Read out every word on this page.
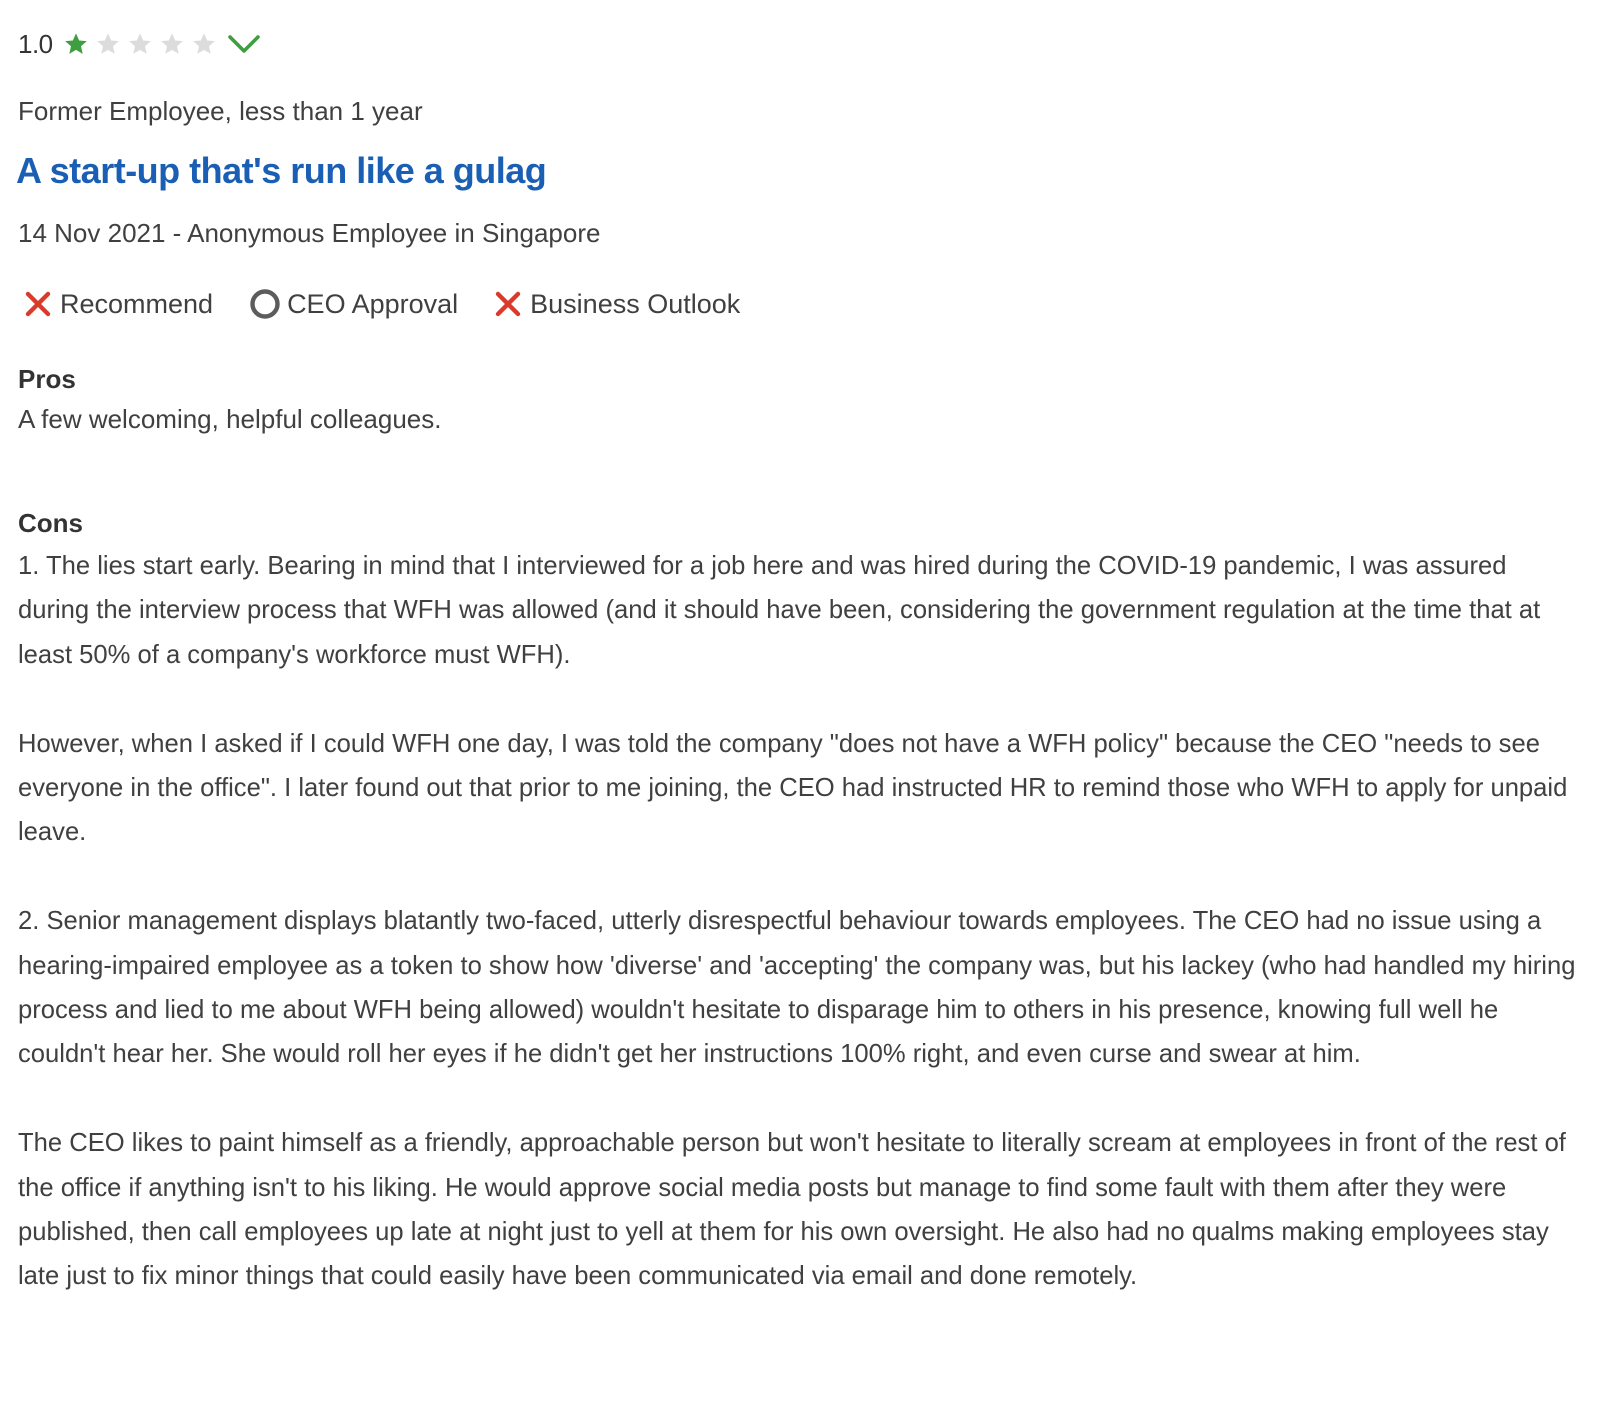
1.0
Former Employee, less than 1 year
A start-up that's run like a gulag
14 Nov 2021 - Anonymous Employee in Singapore
Recommend	CEO Approval	Business Outlook
Pros
A few welcoming, helpful colleagues.
Cons

1. The lies start early. Bearing in mind that I interviewed for a job here and was hired during the COVID-19 pandemic, I was assured during the interview process that WFH was allowed (and it should have been, considering the government regulation at the time that at least 50% of a company's workforce must WFH).

However, when I asked if I could WFH one day, I was told the company "does not have a WFH policy" because the CEO "needs to see everyone in the office". I later found out that prior to me joining, the CEO had instructed HR to remind those who WFH to apply for unpaid leave.

2. Senior management displays blatantly two-faced, utterly disrespectful behaviour towards employees. The CEO had no issue using a hearing-impaired employee as a token to show how 'diverse' and 'accepting' the company was, but his lackey (who had handled my hiring process and lied to me about WFH being allowed) wouldn't hesitate to disparage him to others in his presence, knowing full well he couldn't hear her. She would roll her eyes if he didn't get her instructions 100% right, and even curse and swear at him.

The CEO likes to paint himself as a friendly, approachable person but won't hesitate to literally scream at employees in front of the rest of the office if anything isn't to his liking. He would approve social media posts but manage to find some fault with them after they were published, then call employees up late at night just to yell at them for his own oversight. He also had no qualms making employees stay late just to fix minor things that could easily have been communicated via email and done remotely.
